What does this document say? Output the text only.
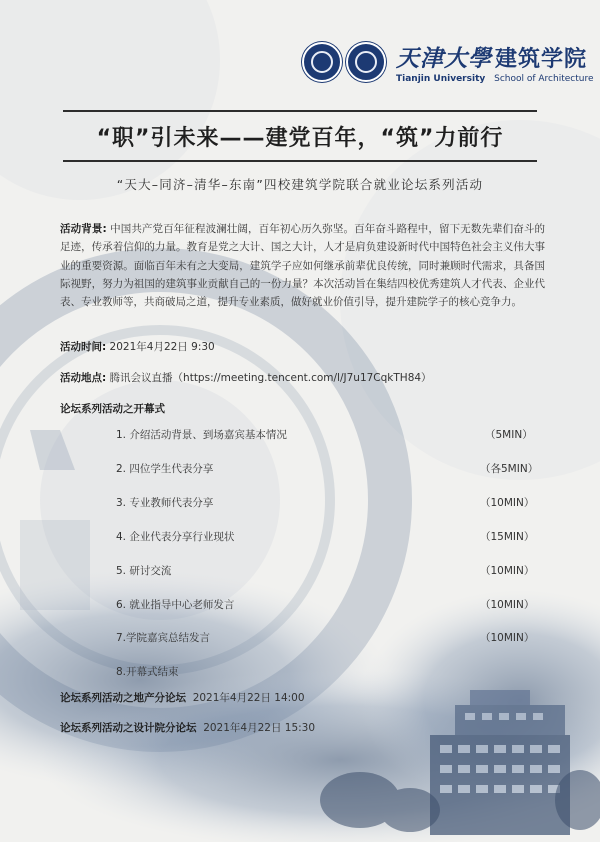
天津大學 建筑学院
Tianjin University School of Architecture
“职”引未来——建党百年，“筑”力前行
“天大–同济–清华–东南”四校建筑学院联合就业论坛系列活动
活动背景: 中国共产党百年征程波澜壮阔，百年初心历久弥坚。百年奋斗路程中，留下无数先辈们奋斗的足迹，传承着信仰的力量。教育是党之大计、国之大计，人才是肩负建设新时代中国特色社会主义伟大事业的重要资源。面临百年未有之大变局，建筑学子应如何继承前辈优良传统，同时兼顾时代需求，具备国际视野，努力为祖国的建筑事业贡献自己的一份力量？本次活动旨在集结四校优秀建筑人才代表、企业代表、专业教师等，共商破局之道，提升专业素质，做好就业价值引导，提升建院学子的核心竞争力。
活动时间: 2021年4月22日 9:30
活动地点: 腾讯会议直播（https://meeting.tencent.com/l/J7u17CqkTH84）
论坛系列活动之开幕式
1. 介绍活动背景、到场嘉宾基本情况	（5MIN）
2. 四位学生代表分享	（各5MIN）
3. 专业教师代表分享	（10MIN）
4. 企业代表分享行业现状	（15MIN）
5. 研讨交流	（10MIN）
6. 就业指导中心老师发言	（10MIN）
7.学院嘉宾总结发言	（10MIN）
8.开幕式结束
论坛系列活动之地产分论坛 2021年4月22日 14:00
论坛系列活动之设计院分论坛 2021年4月22日 15:30
